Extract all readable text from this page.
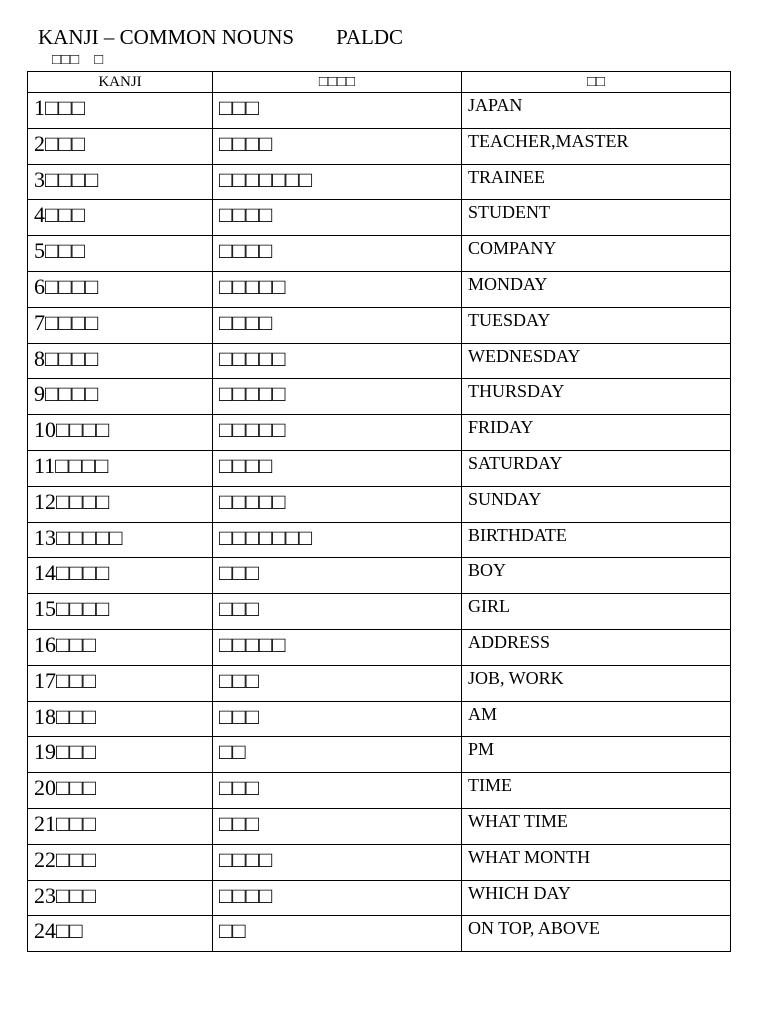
KANJI – COMMON NOUNS PALDC
□□□　□
KANJI	□□□□	□□
1□□□	□□□	JAPAN
2□□□	□□□□	TEACHER,MASTER
3□□□□	□□□□□□□	TRAINEE
4□□□	□□□□	STUDENT
5□□□	□□□□	COMPANY
6□□□□	□□□□□	MONDAY
7□□□□	□□□□	TUESDAY
8□□□□	□□□□□	WEDNESDAY
9□□□□	□□□□□	THURSDAY
10□□□□	□□□□□	FRIDAY
11□□□□	□□□□	SATURDAY
12□□□□	□□□□□	SUNDAY
13□□□□□	□□□□□□□	BIRTHDATE
14□□□□	□□□	BOY
15□□□□	□□□	GIRL
16□□□	□□□□□	ADDRESS
17□□□	□□□	JOB, WORK
18□□□	□□□	AM
19□□□	□□	PM
20□□□	□□□	TIME
21□□□	□□□	WHAT TIME
22□□□	□□□□	WHAT MONTH
23□□□	□□□□	WHICH DAY
24□□	□□	ON TOP, ABOVE
